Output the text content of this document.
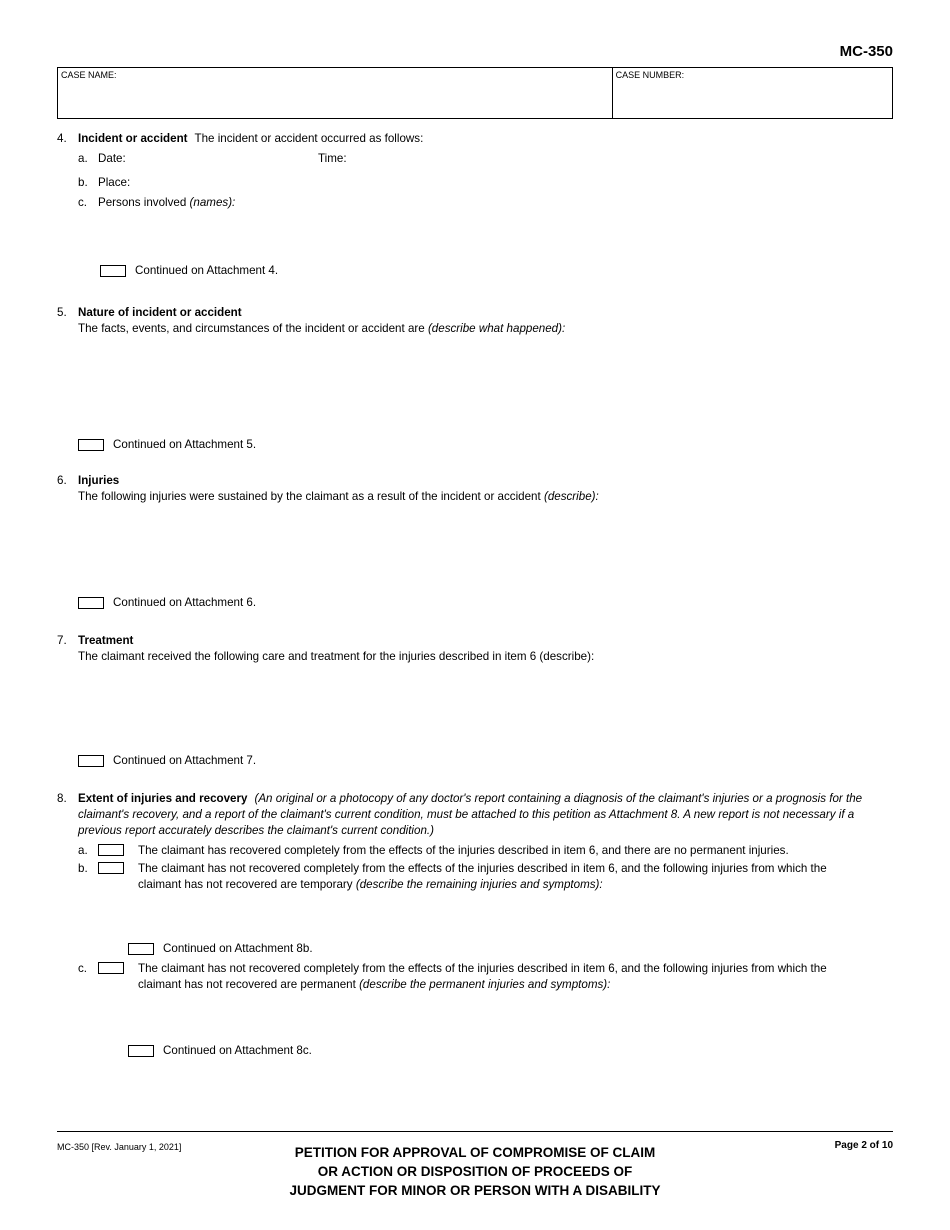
MC-350
CASE NAME:	CASE NUMBER:
4. Incident or accident The incident or accident occurred as follows:
a. Date:	Time:
b. Place:
c. Persons involved (names):
Continued on Attachment 4.
5. Nature of incident or accident
The facts, events, and circumstances of the incident or accident are (describe what happened):
Continued on Attachment 5.
6. Injuries
The following injuries were sustained by the claimant as a result of the incident or accident (describe):
Continued on Attachment 6.
7. Treatment
The claimant received the following care and treatment for the injuries described in item 6 (describe):
Continued on Attachment 7.
8. Extent of injuries and recovery (An original or a photocopy of any doctor's report containing a diagnosis of the claimant's injuries or a prognosis for the claimant's recovery, and a report of the claimant's current condition, must be attached to this petition as Attachment 8. A new report is not necessary if a previous report accurately describes the claimant's current condition.)
a.	The claimant has recovered completely from the effects of the injuries described in item 6, and there are no permanent injuries.
b.	The claimant has not recovered completely from the effects of the injuries described in item 6, and the following injuries from which the claimant has not recovered are temporary (describe the remaining injuries and symptoms):
Continued on Attachment 8b.
c.	The claimant has not recovered completely from the effects of the injuries described in item 6, and the following injuries from which the claimant has not recovered are permanent (describe the permanent injuries and symptoms):
Continued on Attachment 8c.
MC-350 [Rev. January 1, 2021]	Page 2 of 10
PETITION FOR APPROVAL OF COMPROMISE OF CLAIM
OR ACTION OR DISPOSITION OF PROCEEDS OF
JUDGMENT FOR MINOR OR PERSON WITH A DISABILITY
